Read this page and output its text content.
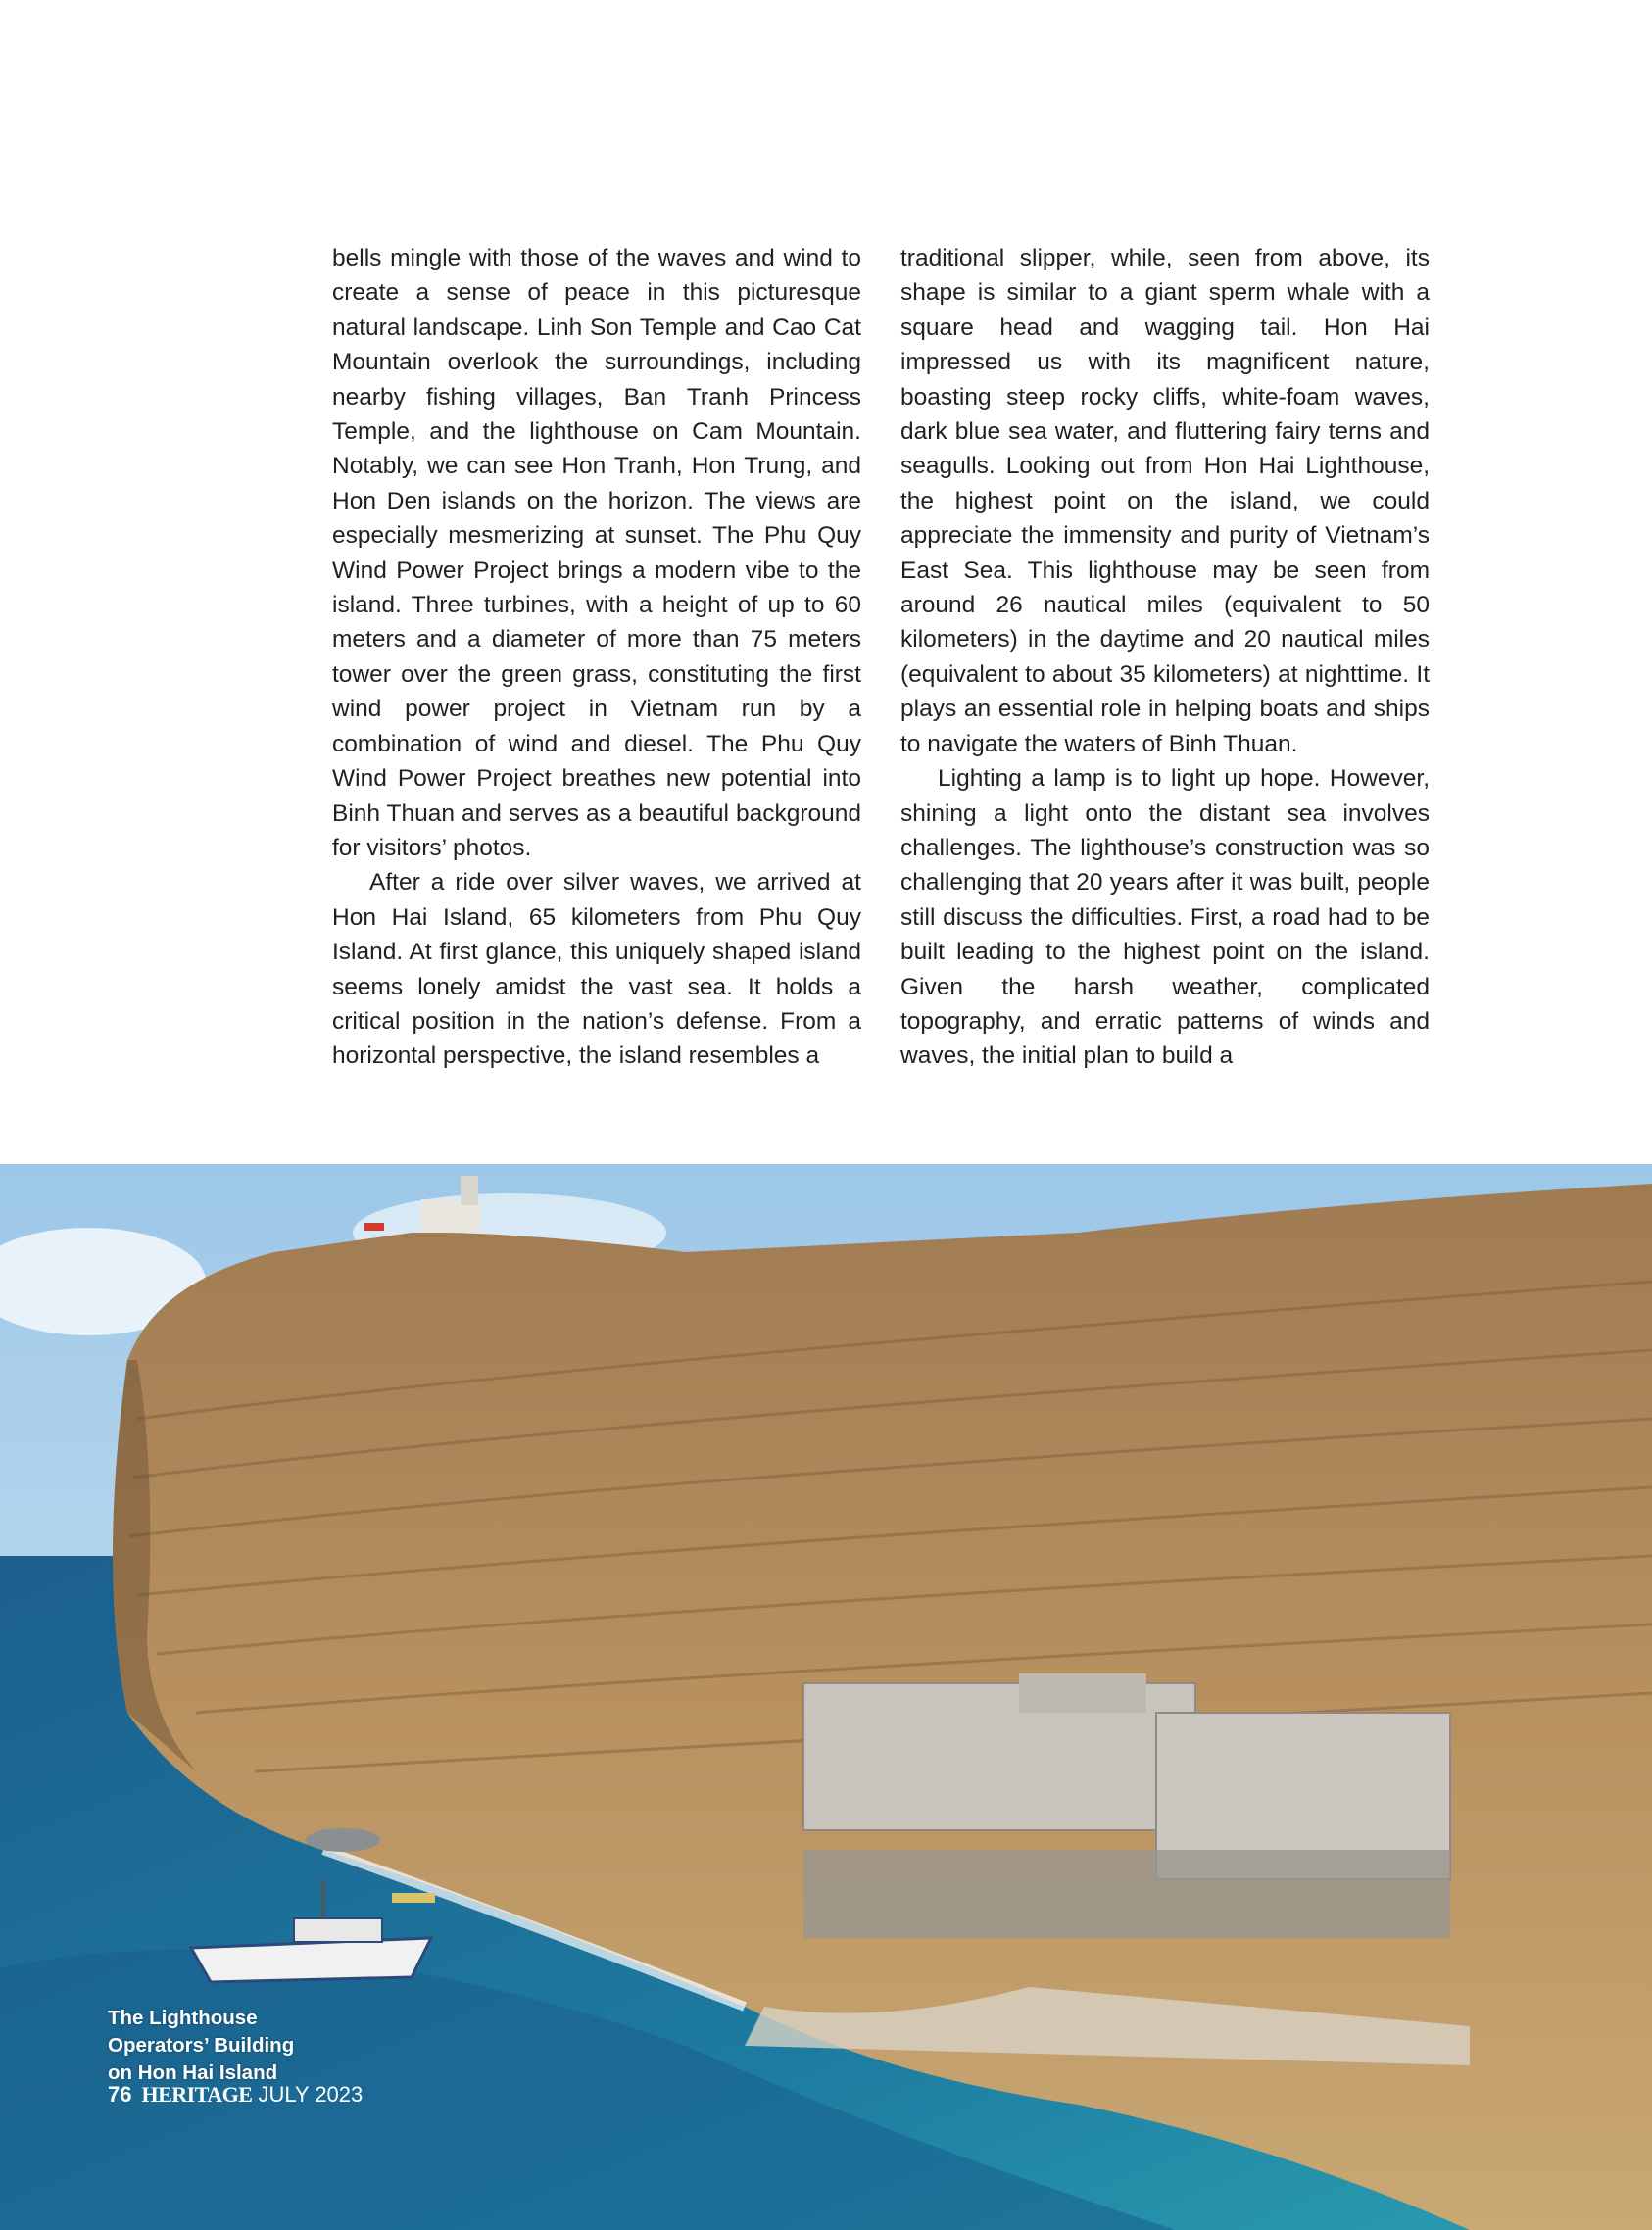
bells mingle with those of the waves and wind to create a sense of peace in this picturesque natural landscape. Linh Son Temple and Cao Cat Mountain overlook the surroundings, including nearby fishing villages, Ban Tranh Princess Temple, and the lighthouse on Cam Mountain. Notably, we can see Hon Tranh, Hon Trung, and Hon Den islands on the horizon. The views are especially mesmerizing at sunset. The Phu Quy Wind Power Project brings a modern vibe to the island. Three turbines, with a height of up to 60 meters and a diameter of more than 75 meters tower over the green grass, constituting the first wind power project in Vietnam run by a combination of wind and diesel. The Phu Quy Wind Power Project breathes new potential into Binh Thuan and serves as a beautiful background for visitors’ photos.

After a ride over silver waves, we arrived at Hon Hai Island, 65 kilometers from Phu Quy Island. At first glance, this uniquely shaped island seems lonely amidst the vast sea. It holds a critical position in the nation’s defense. From a horizontal perspective, the island resembles a

traditional slipper, while, seen from above, its shape is similar to a giant sperm whale with a square head and wagging tail. Hon Hai impressed us with its magnificent nature, boasting steep rocky cliffs, white-foam waves, dark blue sea water, and fluttering fairy terns and seagulls. Looking out from Hon Hai Lighthouse, the highest point on the island, we could appreciate the immensity and purity of Vietnam’s East Sea. This lighthouse may be seen from around 26 nautical miles (equivalent to 50 kilometers) in the daytime and 20 nautical miles (equivalent to about 35 kilometers) at nighttime. It plays an essential role in helping boats and ships to navigate the waters of Binh Thuan.

Lighting a lamp is to light up hope. However, shining a light onto the distant sea involves challenges. The lighthouse’s construction was so challenging that 20 years after it was built, people still discuss the difficulties. First, a road had to be built leading to the highest point on the island. Given the harsh weather, complicated topography, and erratic patterns of winds and waves, the initial plan to build a

The Lighthouse
Operators’ Building
on Hon Hai Island
76 HERITAGE JULY 2023
